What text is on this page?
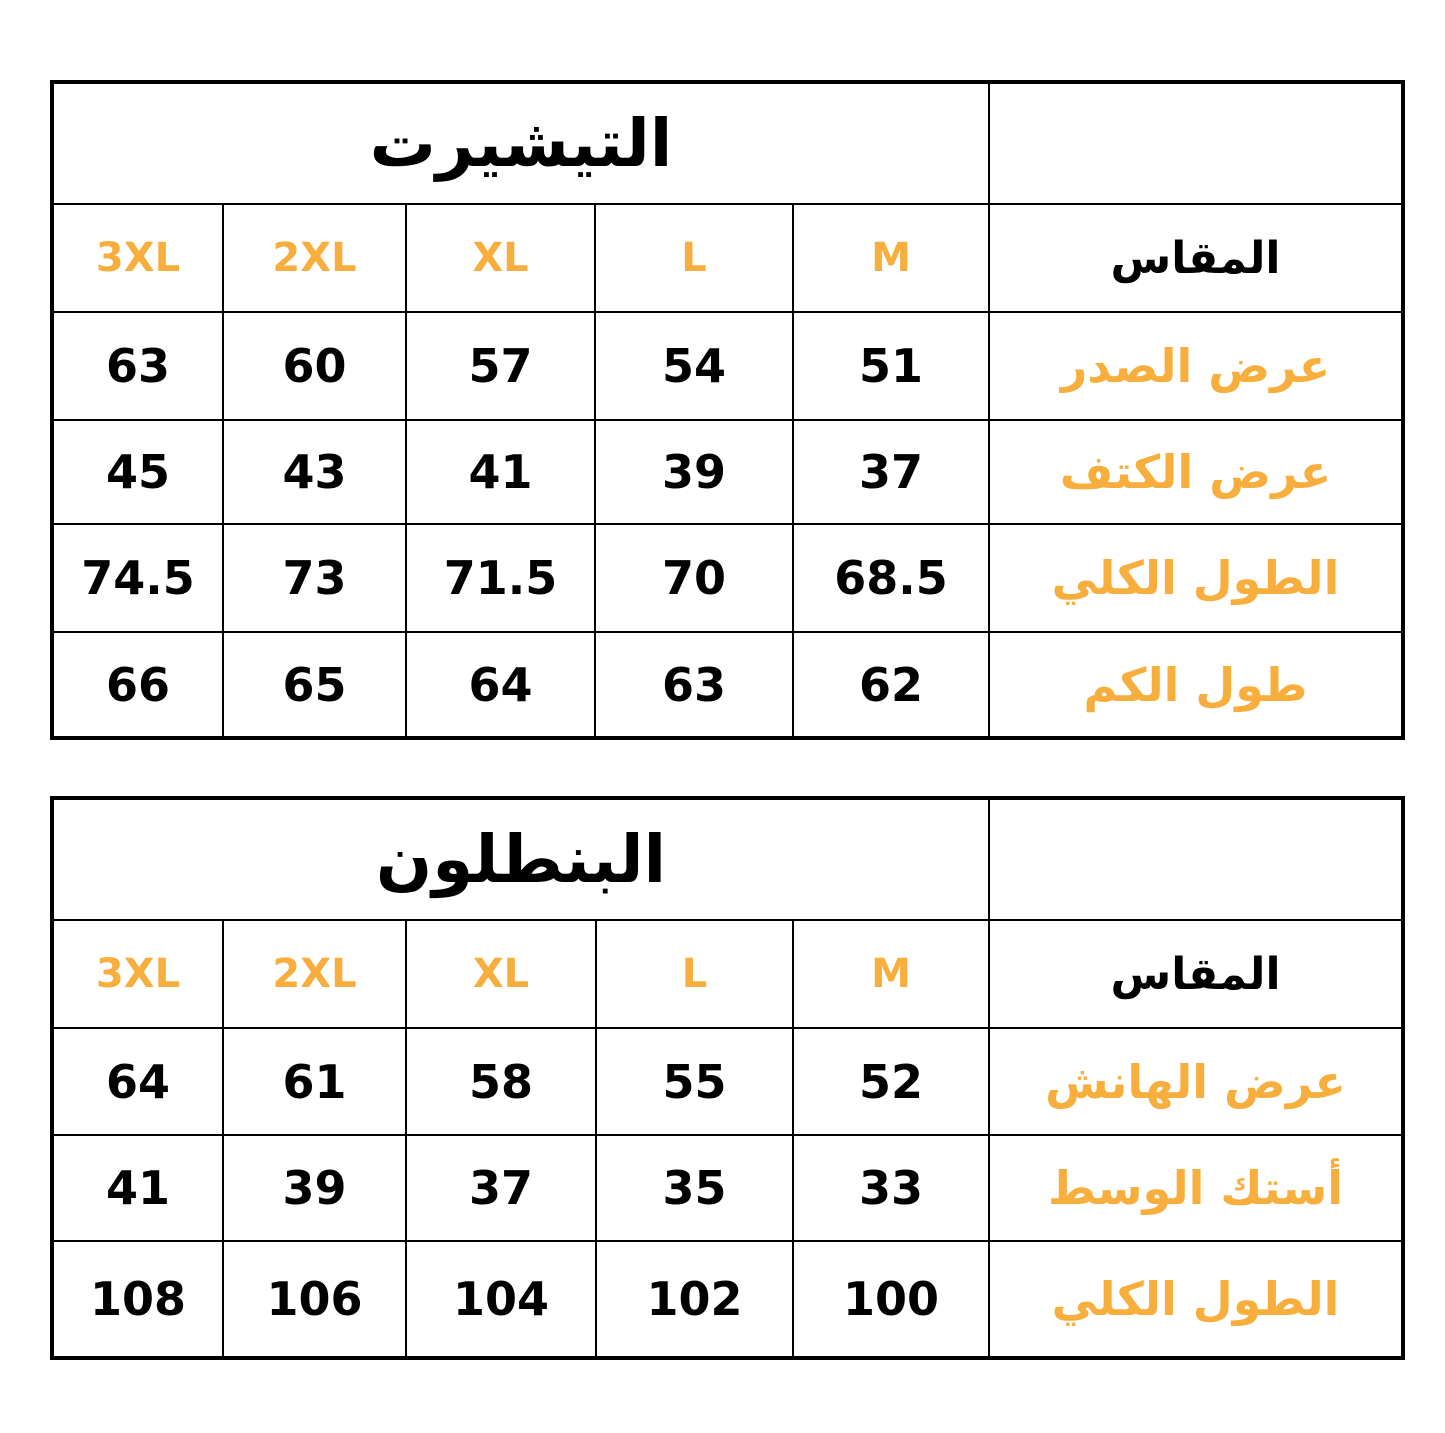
التيشيرت					
3XL	2XL	XL	L	M	المقاس
63	60	57	54	51	عرض الصدر
45	43	41	39	37	عرض الكتف
74.5	73	71.5	70	68.5	الطول الكلي
66	65	64	63	62	طول الكم
البنطلون					
3XL	2XL	XL	L	M	المقاس
64	61	58	55	52	عرض الهانش
41	39	37	35	33	أستك الوسط
108	106	104	102	100	الطول الكلي
